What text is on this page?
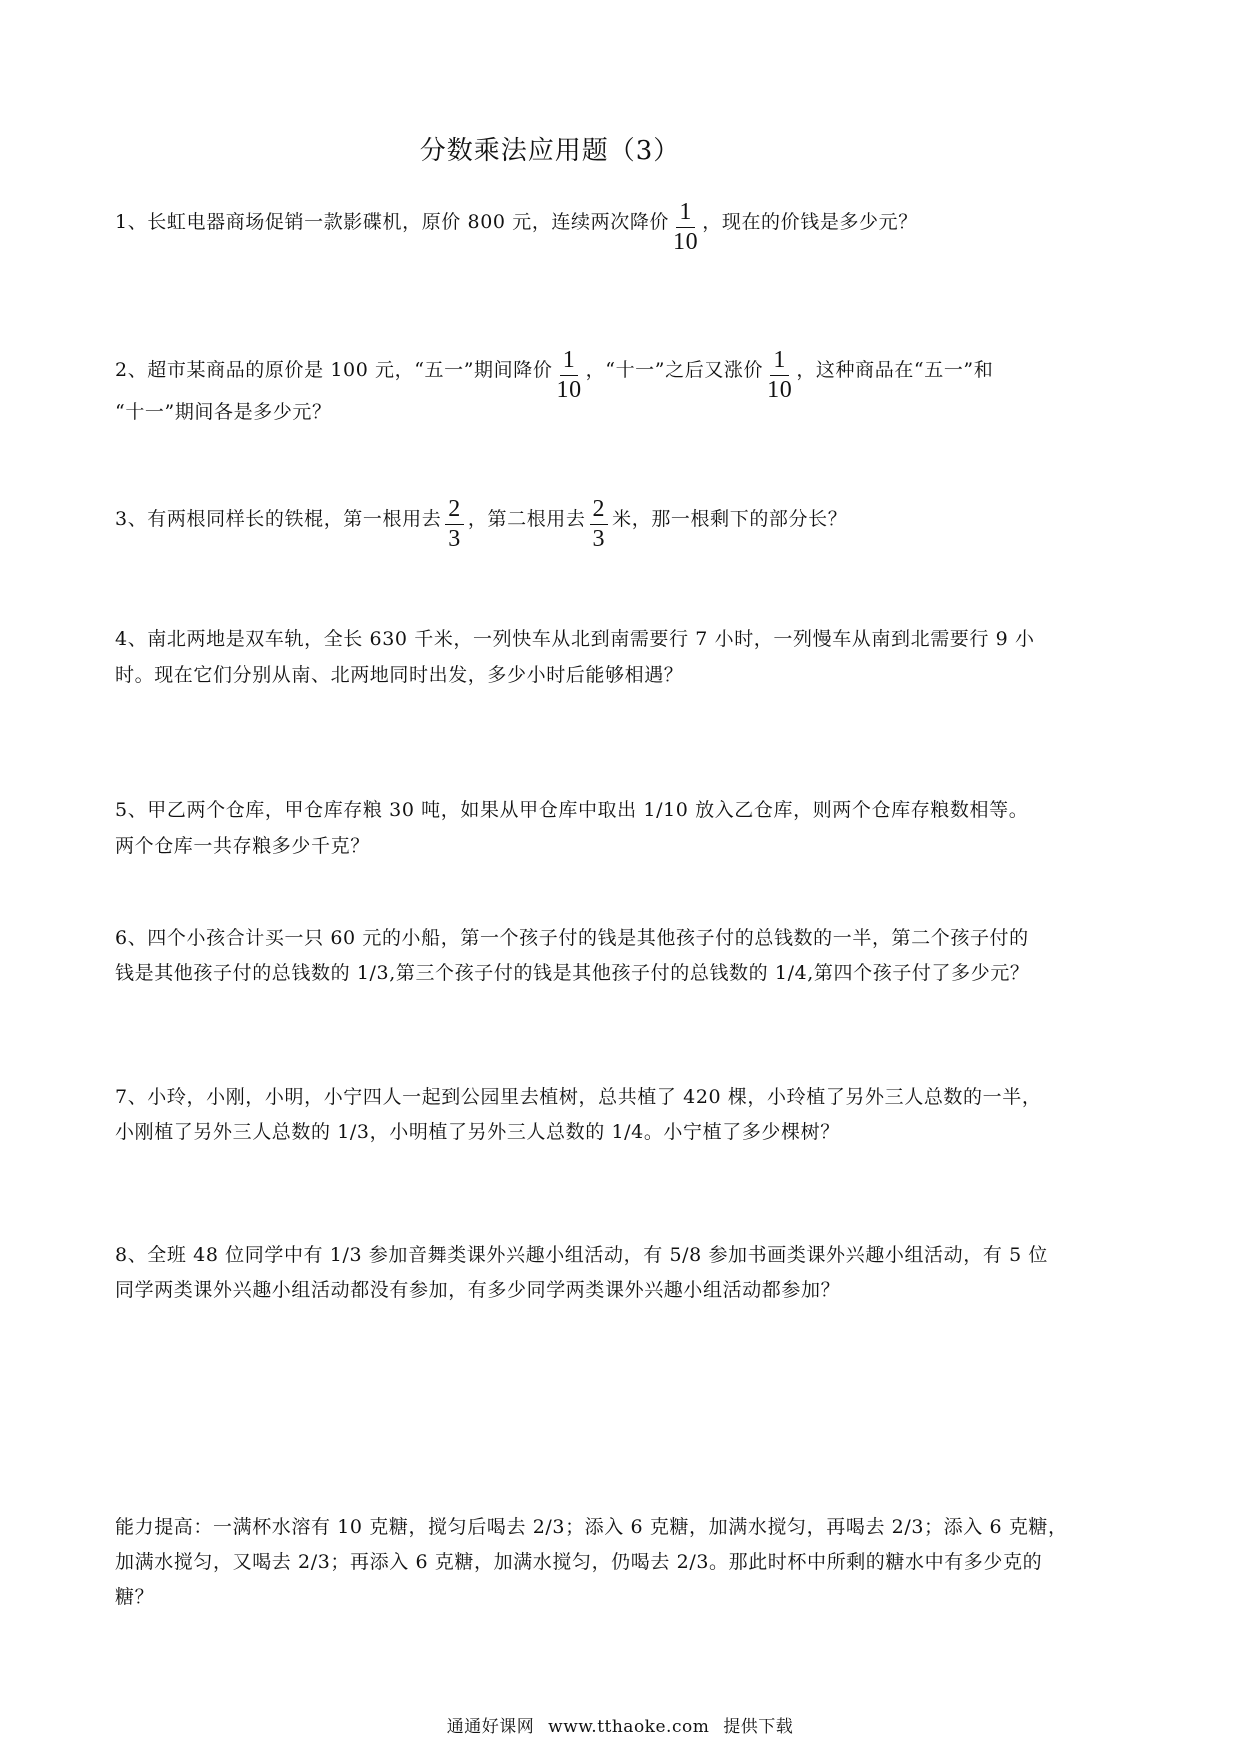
分数乘法应用题（3）
1、长虹电器商场促销一款影碟机，原价 800 元，连续两次降价 $\frac{1}{10}$ ，现在的价钱是多少元？
2、超市某商品的原价是 100 元，“五一”期间降价 $\frac{1}{10}$ ，“十一”之后又涨价 $\frac{1}{10}$ ，这种商品在“五一”和
“十一”期间各是多少元？
3、有两根同样长的铁棍，第一根用去 $\frac{2}{3}$ ，第二根用去 $\frac{2}{3}$ 米，那一根剩下的部分长？
4、南北两地是双车轨，全长 630 千米，一列快车从北到南需要行 7 小时，一列慢车从南到北需要行 9 小
时。现在它们分别从南、北两地同时出发，多少小时后能够相遇？
5、甲乙两个仓库，甲仓库存粮 30 吨，如果从甲仓库中取出 1/10 放入乙仓库，则两个仓库存粮数相等。
两个仓库一共存粮多少千克？
6、四个小孩合计买一只 60 元的小船，第一个孩子付的钱是其他孩子付的总钱数的一半，第二个孩子付的
钱是其他孩子付的总钱数的 1/3,第三个孩子付的钱是其他孩子付的总钱数的 1/4,第四个孩子付了多少元？
7、小玲，小刚，小明，小宁四人一起到公园里去植树，总共植了 420 棵，小玲植了另外三人总数的一半，
小刚植了另外三人总数的 1/3，小明植了另外三人总数的 1/4。小宁植了多少棵树？
8、全班 48 位同学中有 1/3 参加音舞类课外兴趣小组活动，有 5/8 参加书画类课外兴趣小组活动，有 5 位
同学两类课外兴趣小组活动都没有参加，有多少同学两类课外兴趣小组活动都参加？
能力提高：一满杯水溶有 10 克糖，搅匀后喝去 2/3；添入 6 克糖，加满水搅匀，再喝去 2/3；添入 6 克糖，
加满水搅匀，又喝去 2/3；再添入 6 克糖，加满水搅匀，仍喝去 2/3。那此时杯中所剩的糖水中有多少克的
糖？
通通好课网 www.tthaoke.com 提供下载
